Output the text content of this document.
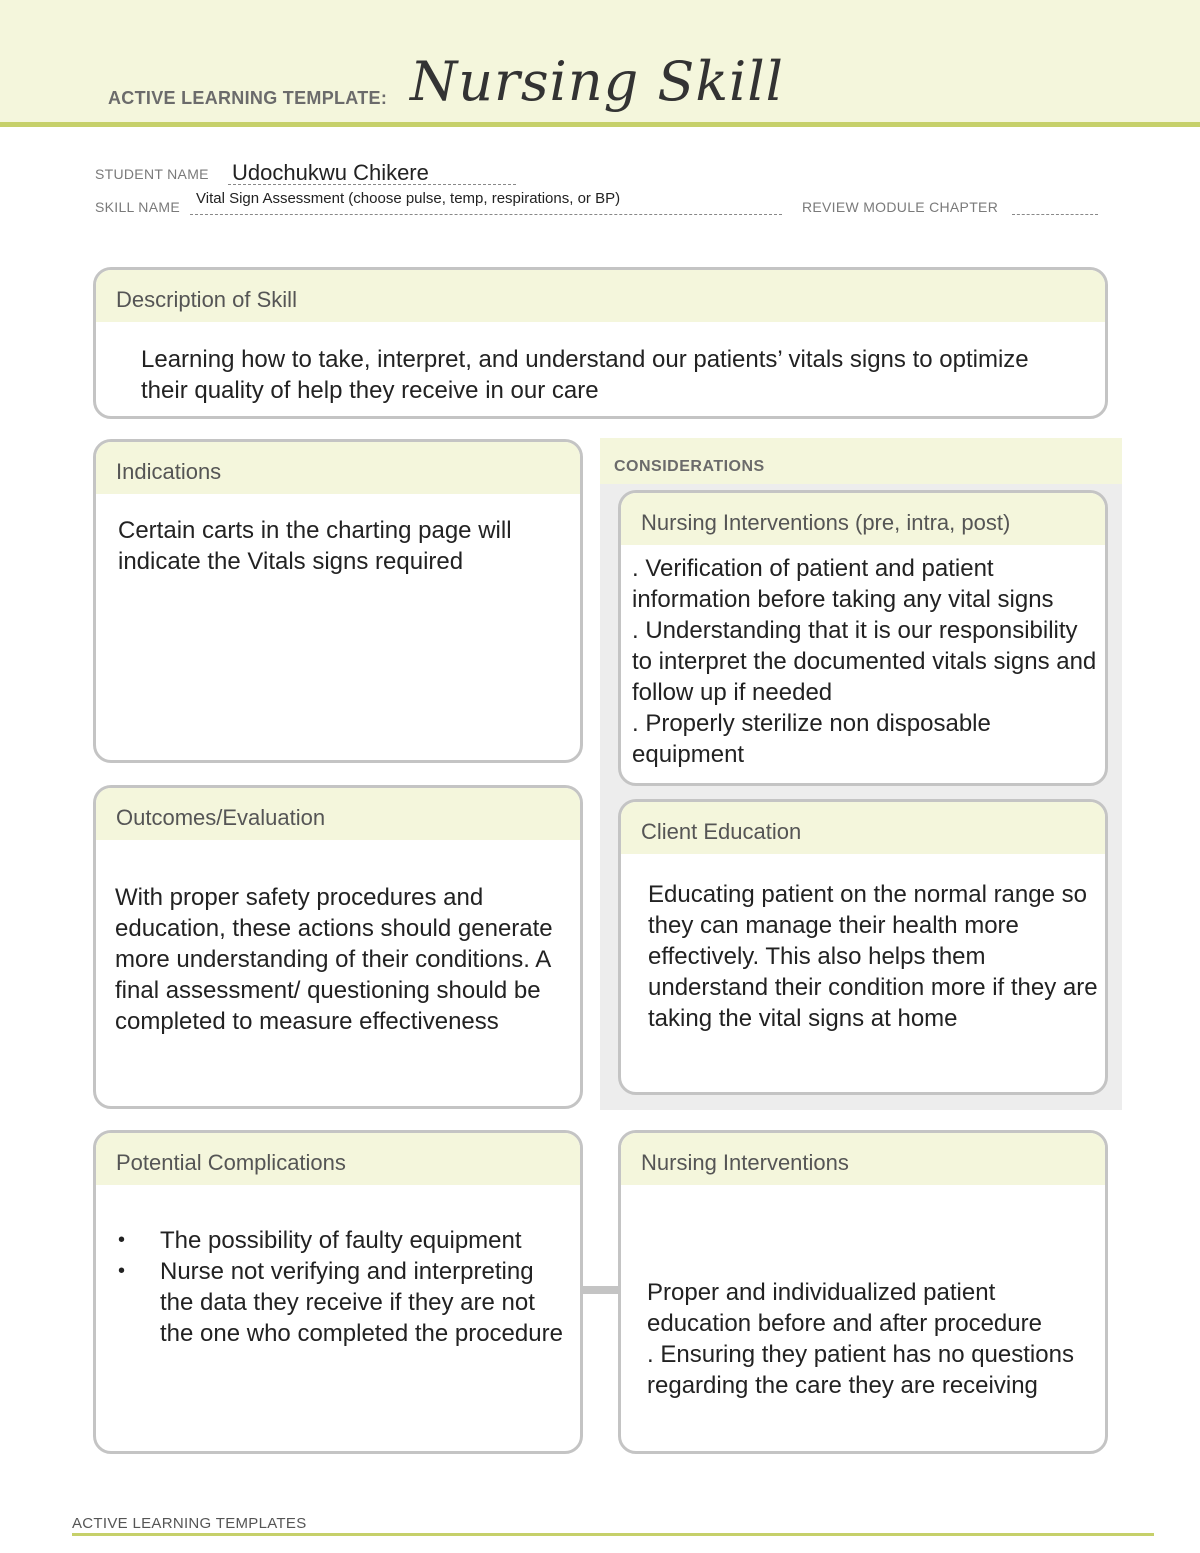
ACTIVE LEARNING TEMPLATE: Nursing Skill
STUDENT NAME Udochukwu Chikere
SKILL NAME Vital Sign Assessment (choose pulse, temp, respirations, or BP)	REVIEW MODULE CHAPTER
Description of Skill
Learning how to take, interpret, and understand our patients’ vitals signs to optimize their quality of help they receive in our care
Indications
Certain carts in the charting page will indicate the Vitals signs required
CONSIDERATIONS
Nursing Interventions (pre, intra, post)
. Verification of patient and patient information before taking any vital signs
. Understanding that it is our responsibility to interpret the documented vitals signs and follow up if needed
. Properly sterilize non disposable equipment
Outcomes/Evaluation
With proper safety procedures and education, these actions should generate more understanding of their conditions. A final assessment/ questioning should be completed to measure effectiveness
Client Education
Educating patient on the normal range so they can manage their health more effectively. This also helps them understand their condition more if they are taking the vital signs at home
Potential Complications
• The possibility of faulty equipment
• Nurse not verifying and interpreting the data they receive if they are not the one who completed the procedure
Nursing Interventions
Proper and individualized patient education before and after procedure
. Ensuring they patient has no questions regarding the care they are receiving
ACTIVE LEARNING TEMPLATES
